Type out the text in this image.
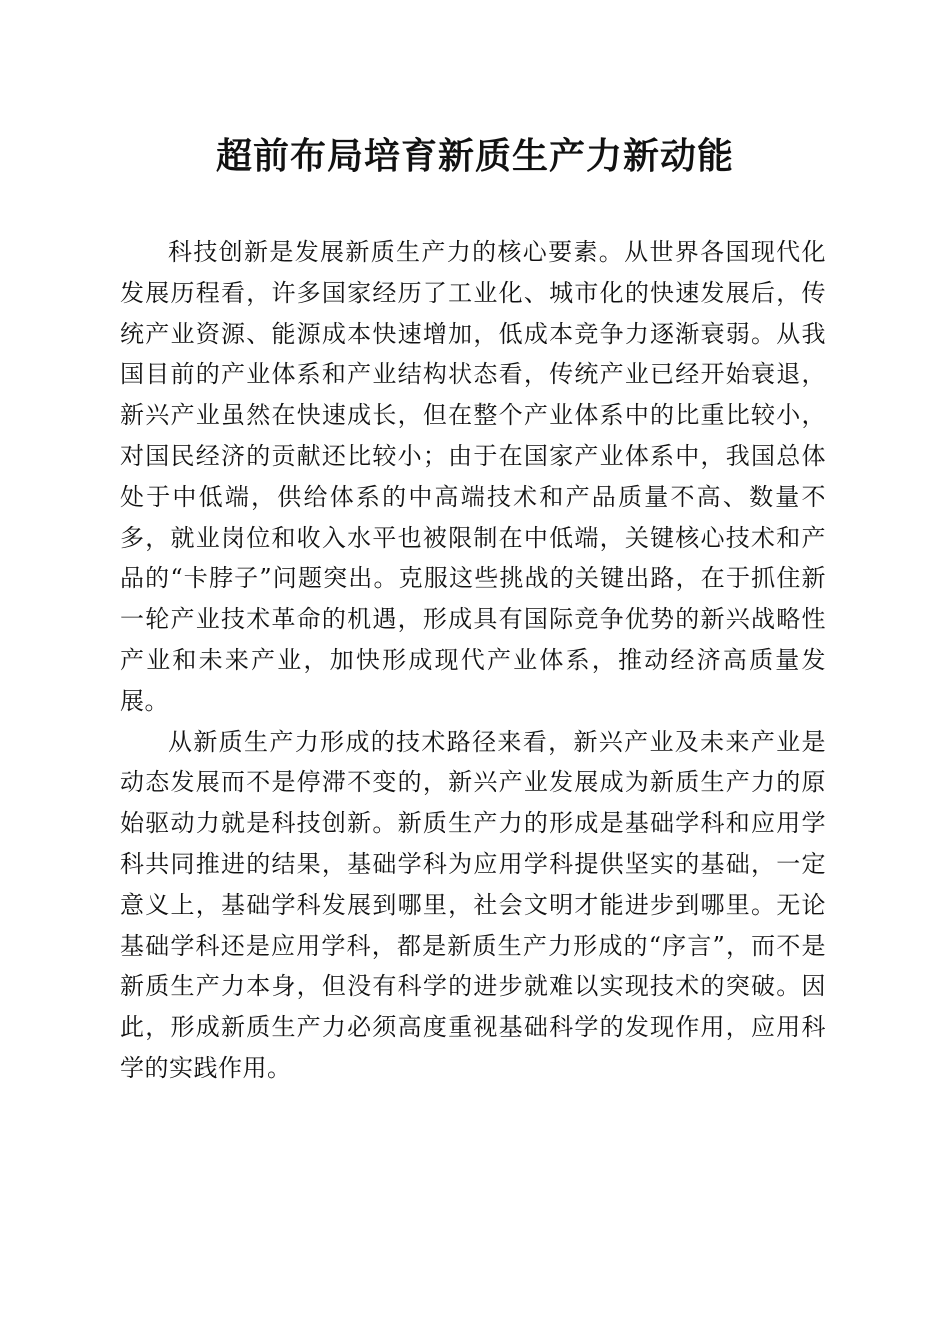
超前布局培育新质生产力新动能

科技创新是发展新质生产力的核心要素。从世界各国现代化发展历程看，许多国家经历了工业化、城市化的快速发展后，传统产业资源、能源成本快速增加，低成本竞争力逐渐衰弱。从我国目前的产业体系和产业结构状态看，传统产业已经开始衰退，新兴产业虽然在快速成长，但在整个产业体系中的比重比较小，对国民经济的贡献还比较小；由于在国家产业体系中，我国总体处于中低端，供给体系的中高端技术和产品质量不高、数量不多，就业岗位和收入水平也被限制在中低端，关键核心技术和产品的“卡脖子”问题突出。克服这些挑战的关键出路，在于抓住新一轮产业技术革命的机遇，形成具有国际竞争优势的新兴战略性产业和未来产业，加快形成现代产业体系，推动经济高质量发展。

从新质生产力形成的技术路径来看，新兴产业及未来产业是动态发展而不是停滞不变的，新兴产业发展成为新质生产力的原始驱动力就是科技创新。新质生产力的形成是基础学科和应用学科共同推进的结果，基础学科为应用学科提供坚实的基础，一定意义上，基础学科发展到哪里，社会文明才能进步到哪里。无论基础学科还是应用学科，都是新质生产力形成的“序言”，而不是新质生产力本身，但没有科学的进步就难以实现技术的突破。因此，形成新质生产力必须高度重视基础科学的发现作用，应用科学的实践作用。
